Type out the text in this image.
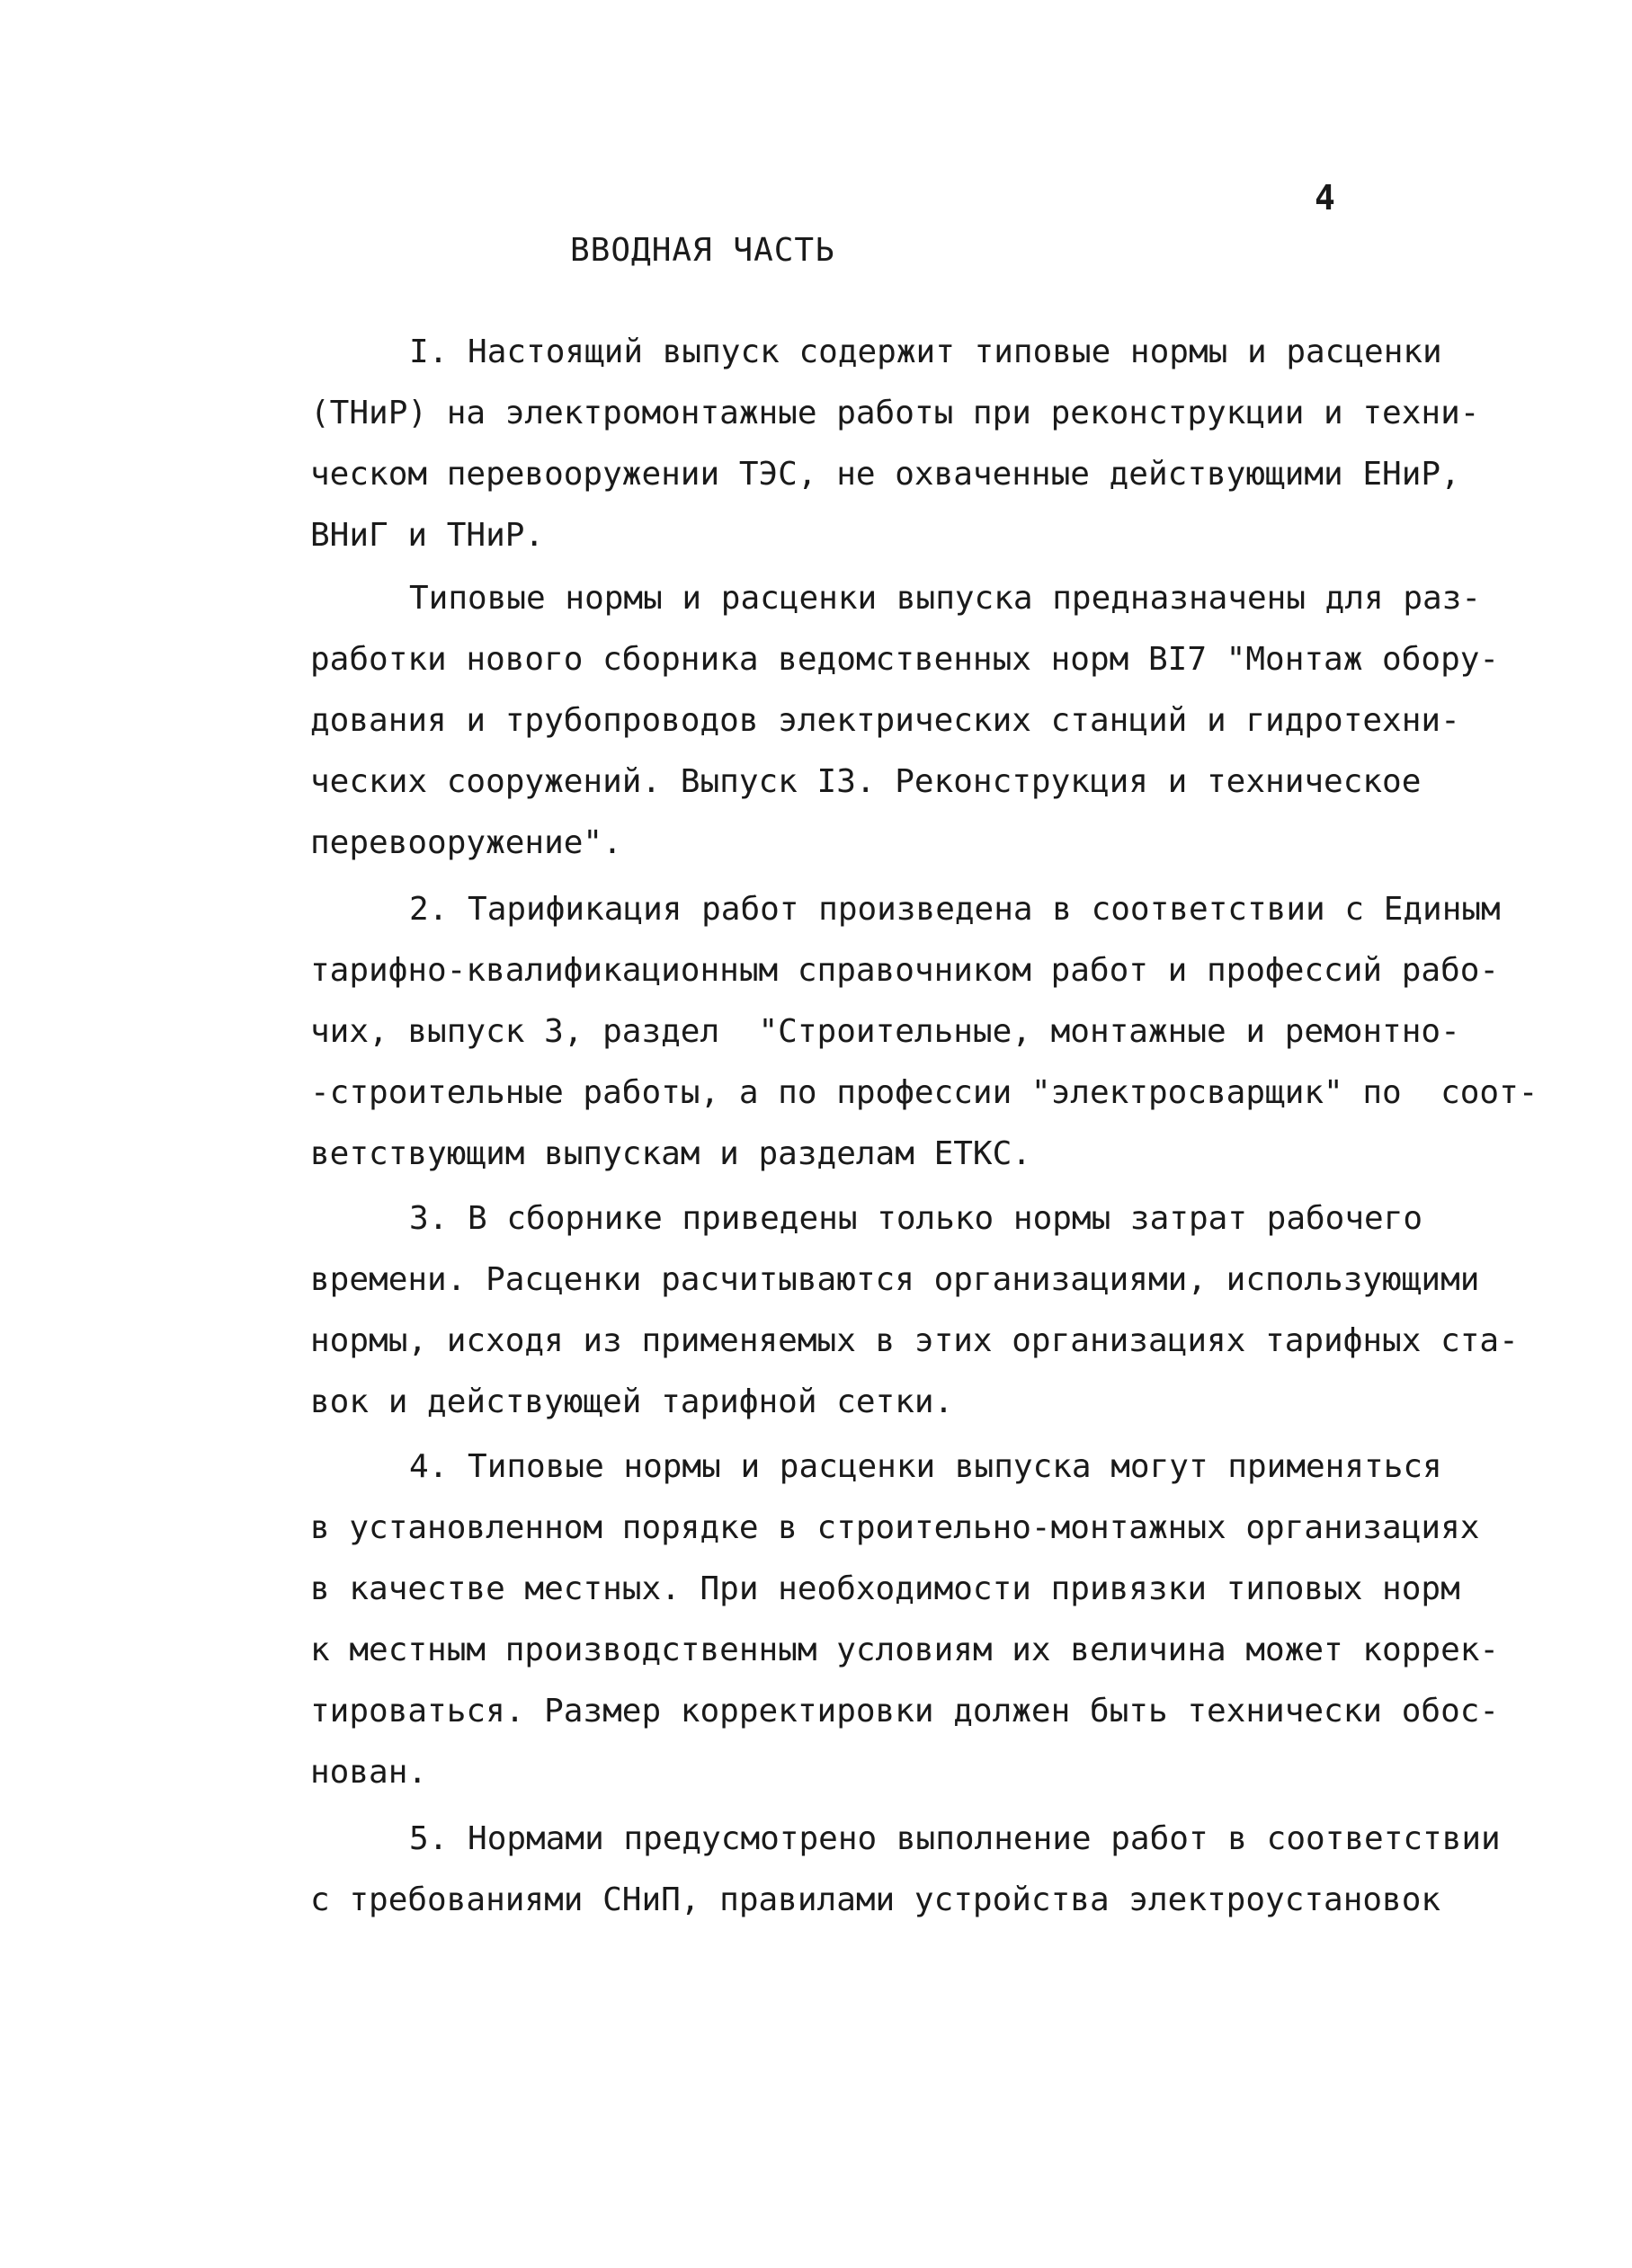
4
ВВОДНАЯ ЧАСТЬ
I. Настоящий выпуск содержит типовые нормы и расценки
(ТНиР) на электромонтажные работы при реконструкции и техни-
ческом перевооружении ТЭС, не охваченные действующими ЕНиР,
ВНиГ и ТНиР.
Типовые нормы и расценки выпуска предназначены для раз-
работки нового сборника ведомственных норм ВI7 "Монтаж обору-
дования и трубопроводов электрических станций и гидротехни-
ческих сооружений. Выпуск I3. Реконструкция и техническое
перевооружение".
2. Тарификация работ произведена в соответствии с Единым
тарифно-квалификационным справочником работ и профессий рабо-
чих, выпуск 3, раздел  "Строительные, монтажные и ремонтно-
-строительные работы, а по профессии "электросварщик" по  соот-
ветствующим выпускам и разделам ЕТКС.
3. В сборнике приведены только нормы затрат рабочего
времени. Расценки расчитываются организациями, использующими
нормы, исходя из применяемых в этих организациях тарифных ста-
вок и действующей тарифной сетки.
4. Типовые нормы и расценки выпуска могут применяться
в установленном порядке в строительно-монтажных организациях
в качестве местных. При необходимости привязки типовых норм
к местным производственным условиям их величина может коррек-
тироваться. Размер корректировки должен быть технически обос-
нован.
5. Нормами предусмотрено выполнение работ в соответствии
с требованиями СНиП, правилами устройства электроустановок
